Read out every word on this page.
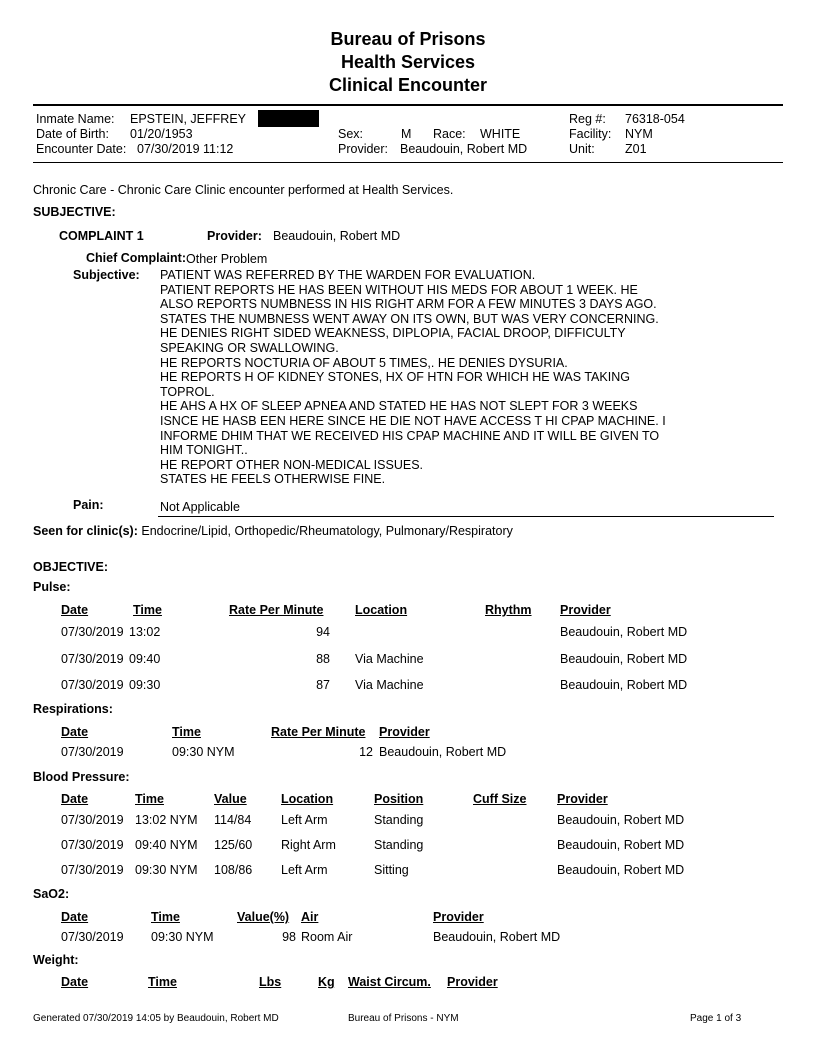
Bureau of Prisons
Health Services
Clinical Encounter
Inmate Name: EPSTEIN, JEFFREY
Date of Birth: 01/20/1953
Encounter Date: 07/30/2019 11:12
Sex:	M Race: WHITE
Provider: Beaudouin, Robert MD
Reg #: 76318-054
Facility: NYM
Unit: Z01
Chronic Care - Chronic Care Clinic encounter performed at Health Services.
SUBJECTIVE:
COMPLAINT 1	Provider: Beaudouin, Robert MD
Chief Complaint: Other Problem
Subjective: PATIENT WAS REFERRED BY THE WARDEN FOR EVALUATION.
PATIENT REPORTS HE HAS BEEN WITHOUT HIS MEDS FOR ABOUT 1 WEEK. HE
ALSO REPORTS NUMBNESS IN HIS RIGHT ARM FOR A FEW MINUTES 3 DAYS AGO.
STATES THE NUMBNESS WENT AWAY ON ITS OWN, BUT WAS VERY CONCERNING.
HE DENIES RIGHT SIDED WEAKNESS, DIPLOPIA, FACIAL DROOP, DIFFICULTY
SPEAKING OR SWALLOWING.
HE REPORTS NOCTURIA OF ABOUT 5 TIMES,. HE DENIES DYSURIA.
HE REPORTS H OF KIDNEY STONES, HX OF HTN FOR WHICH HE WAS TAKING
TOPROL.
HE AHS A HX OF SLEEP APNEA AND STATED HE HAS NOT SLEPT FOR 3 WEEKS
ISNCE HE HASB EEN HERE SINCE HE DIE NOT HAVE ACCESS T HI CPAP MACHINE. I
INFORME DHIM THAT WE RECEIVED HIS CPAP MACHINE AND IT WILL BE GIVEN TO
HIM TONIGHT..
HE REPORT OTHER NON-MEDICAL ISSUES.
STATES HE FEELS OTHERWISE FINE.
Pain:	Not Applicable
Seen for clinic(s): Endocrine/Lipid, Orthopedic/Rheumatology, Pulmonary/Respiratory
OBJECTIVE:
Pulse:
Date	Time	Rate Per Minute	Location	Rhythm Provider
07/30/2019 13:02	94	Beaudouin, Robert MD
07/30/2019 09:40	88 Via Machine	Beaudouin, Robert MD
07/30/2019 09:30	87 Via Machine	Beaudouin, Robert MD
Respirations:
Date	Time	Rate Per Minute Provider
07/30/2019	09:30 NYM	12 Beaudouin, Robert MD
Blood Pressure:
Date	Time	Value	Location	Position	Cuff Size Provider
07/30/2019 13:02 NYM 114/84 Left Arm	Standing	Beaudouin, Robert MD
07/30/2019 09:40 NYM 125/60 Right Arm	Standing	Beaudouin, Robert MD
07/30/2019 09:30 NYM 108/86 Left Arm	Sitting	Beaudouin, Robert MD
SaO2:
Date	Time	Value(%) Air	Provider
07/30/2019 09:30 NYM	98 Room Air	Beaudouin, Robert MD
Weight:
Date	Time	Lbs	Kg Waist Circum. Provider
Generated 07/30/2019 14:05 by Beaudouin, Robert MD	Bureau of Prisons - NYM	Page 1 of 3
